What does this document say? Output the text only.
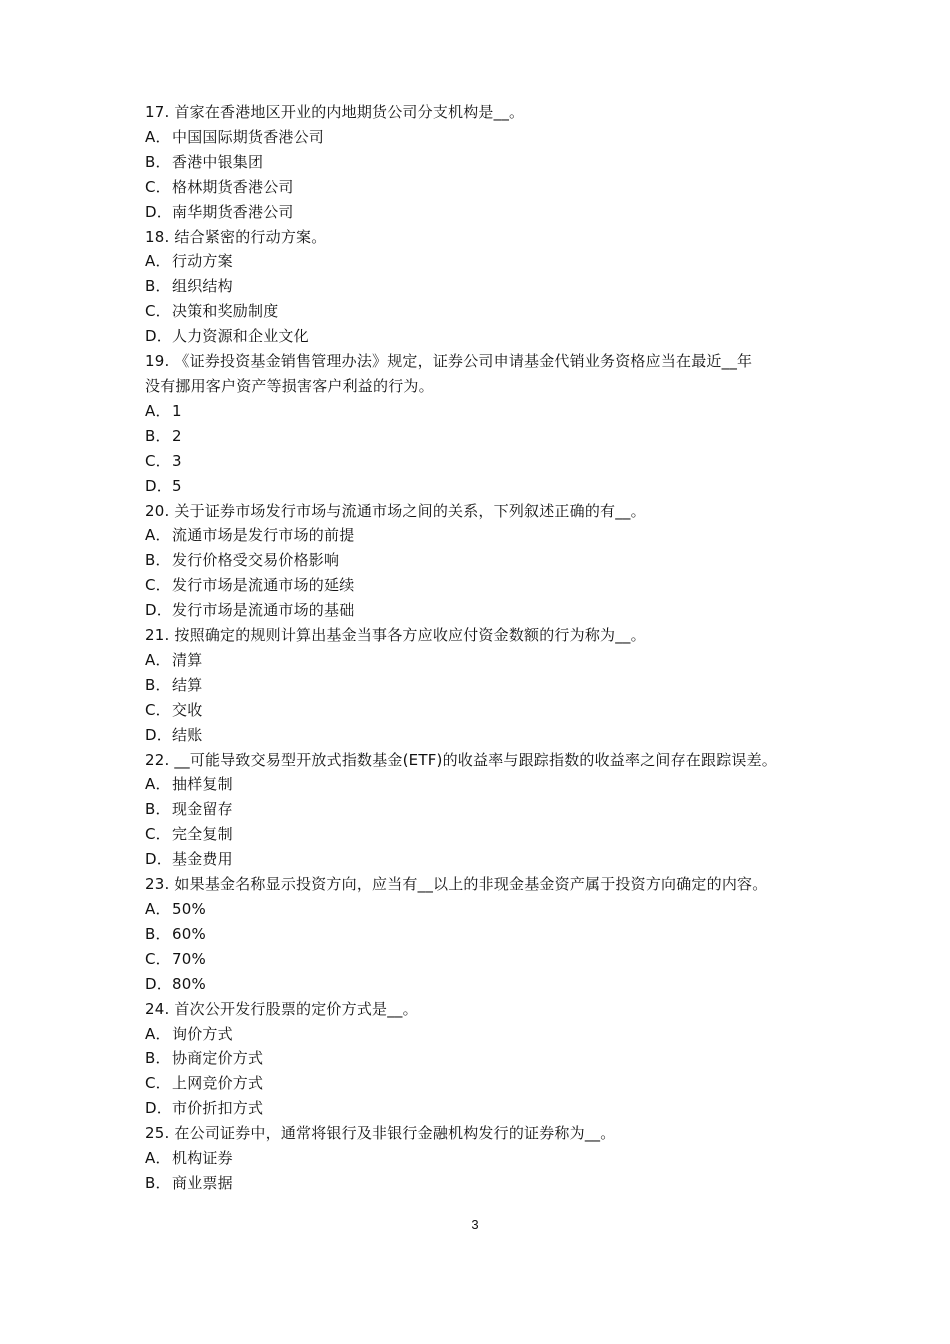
17. 首家在香港地区开业的内地期货公司分支机构是__。
A．中国国际期货香港公司
B．香港中银集团
C．格林期货香港公司
D．南华期货香港公司
18. 结合紧密的行动方案。
A．行动方案
B．组织结构
C．决策和奖励制度
D．人力资源和企业文化
19. 《证券投资基金销售管理办法》规定，证券公司申请基金代销业务资格应当在最近__年
没有挪用客户资产等损害客户利益的行为。
A．1
B．2
C．3
D．5
20. 关于证券市场发行市场与流通市场之间的关系，下列叙述正确的有__。
A．流通市场是发行市场的前提
B．发行价格受交易价格影响
C．发行市场是流通市场的延续
D．发行市场是流通市场的基础
21. 按照确定的规则计算出基金当事各方应收应付资金数额的行为称为__。
A．清算
B．结算
C．交收
D．结账
22. __可能导致交易型开放式指数基金(ETF)的收益率与跟踪指数的收益率之间存在跟踪误差。
A．抽样复制
B．现金留存
C．完全复制
D．基金费用
23. 如果基金名称显示投资方向，应当有__以上的非现金基金资产属于投资方向确定的内容。
A．50%
B．60%
C．70%
D．80%
24. 首次公开发行股票的定价方式是__。
A．询价方式
B．协商定价方式
C．上网竞价方式
D．市价折扣方式
25. 在公司证券中，通常将银行及非银行金融机构发行的证券称为__。
A．机构证券
B．商业票据
3
